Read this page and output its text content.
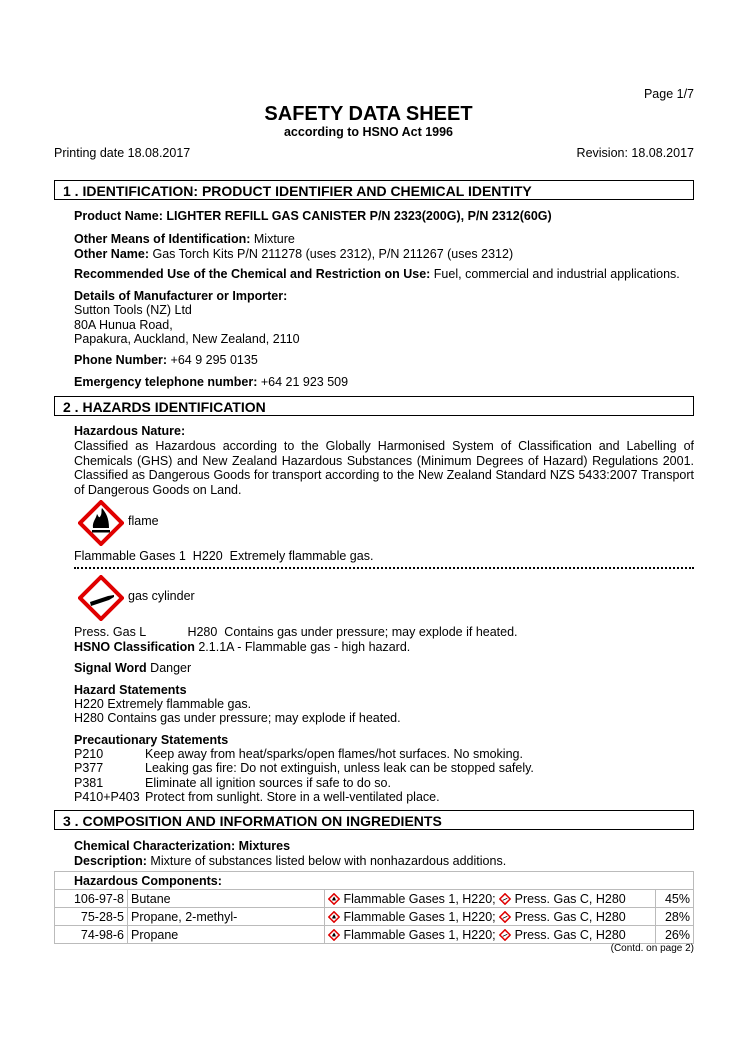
Page 1/7
SAFETY DATA SHEET
according to HSNO Act 1996
Printing date 18.08.2017	Revision: 18.08.2017
1 . IDENTIFICATION: PRODUCT IDENTIFIER AND CHEMICAL IDENTITY
Product Name: LIGHTER REFILL GAS CANISTER P/N 2323(200G), P/N 2312(60G)
Other Means of Identification: Mixture
Other Name: Gas Torch Kits P/N 211278 (uses 2312), P/N 211267 (uses 2312)
Recommended Use of the Chemical and Restriction on Use: Fuel, commercial and industrial applications.
Details of Manufacturer or Importer:
Sutton Tools (NZ) Ltd
80A Hunua Road,
Papakura, Auckland, New Zealand, 2110
Phone Number: +64 9 295 0135
Emergency telephone number: +64 21 923 509
2 . HAZARDS IDENTIFICATION
Hazardous Nature:
Classified as Hazardous according to the Globally Harmonised System of Classification and Labelling of Chemicals (GHS) and New Zealand Hazardous Substances (Minimum Degrees of Hazard) Regulations 2001. Classified as Dangerous Goods for transport according to the New Zealand Standard NZS 5433:2007 Transport of Dangerous Goods on Land.
flame
Flammable Gases 1  H220  Extremely flammable gas.
gas cylinder
Press. Gas L            H280  Contains gas under pressure; may explode if heated.
HSNO Classification 2.1.1A - Flammable gas - high hazard.
Signal Word Danger
Hazard Statements
H220 Extremely flammable gas.
H280 Contains gas under pressure; may explode if heated.
Precautionary Statements
P210	Keep away from heat/sparks/open flames/hot surfaces. No smoking.
P377	Leaking gas fire: Do not extinguish, unless leak can be stopped safely.
P381	Eliminate all ignition sources if safe to do so.
P410+P403 Protect from sunlight. Store in a well-ventilated place.
3 . COMPOSITION AND INFORMATION ON INGREDIENTS
Chemical Characterization: Mixtures
Description: Mixture of substances listed below with nonhazardous additions.
Hazardous Components:			
106-97-8	Butane	Flammable Gases 1, H220; Press. Gas C, H280	45%
75-28-5	Propane, 2-methyl-	Flammable Gases 1, H220; Press. Gas C, H280	28%
74-98-6	Propane	Flammable Gases 1, H220; Press. Gas C, H280	26%
(Contd. on page 2)
